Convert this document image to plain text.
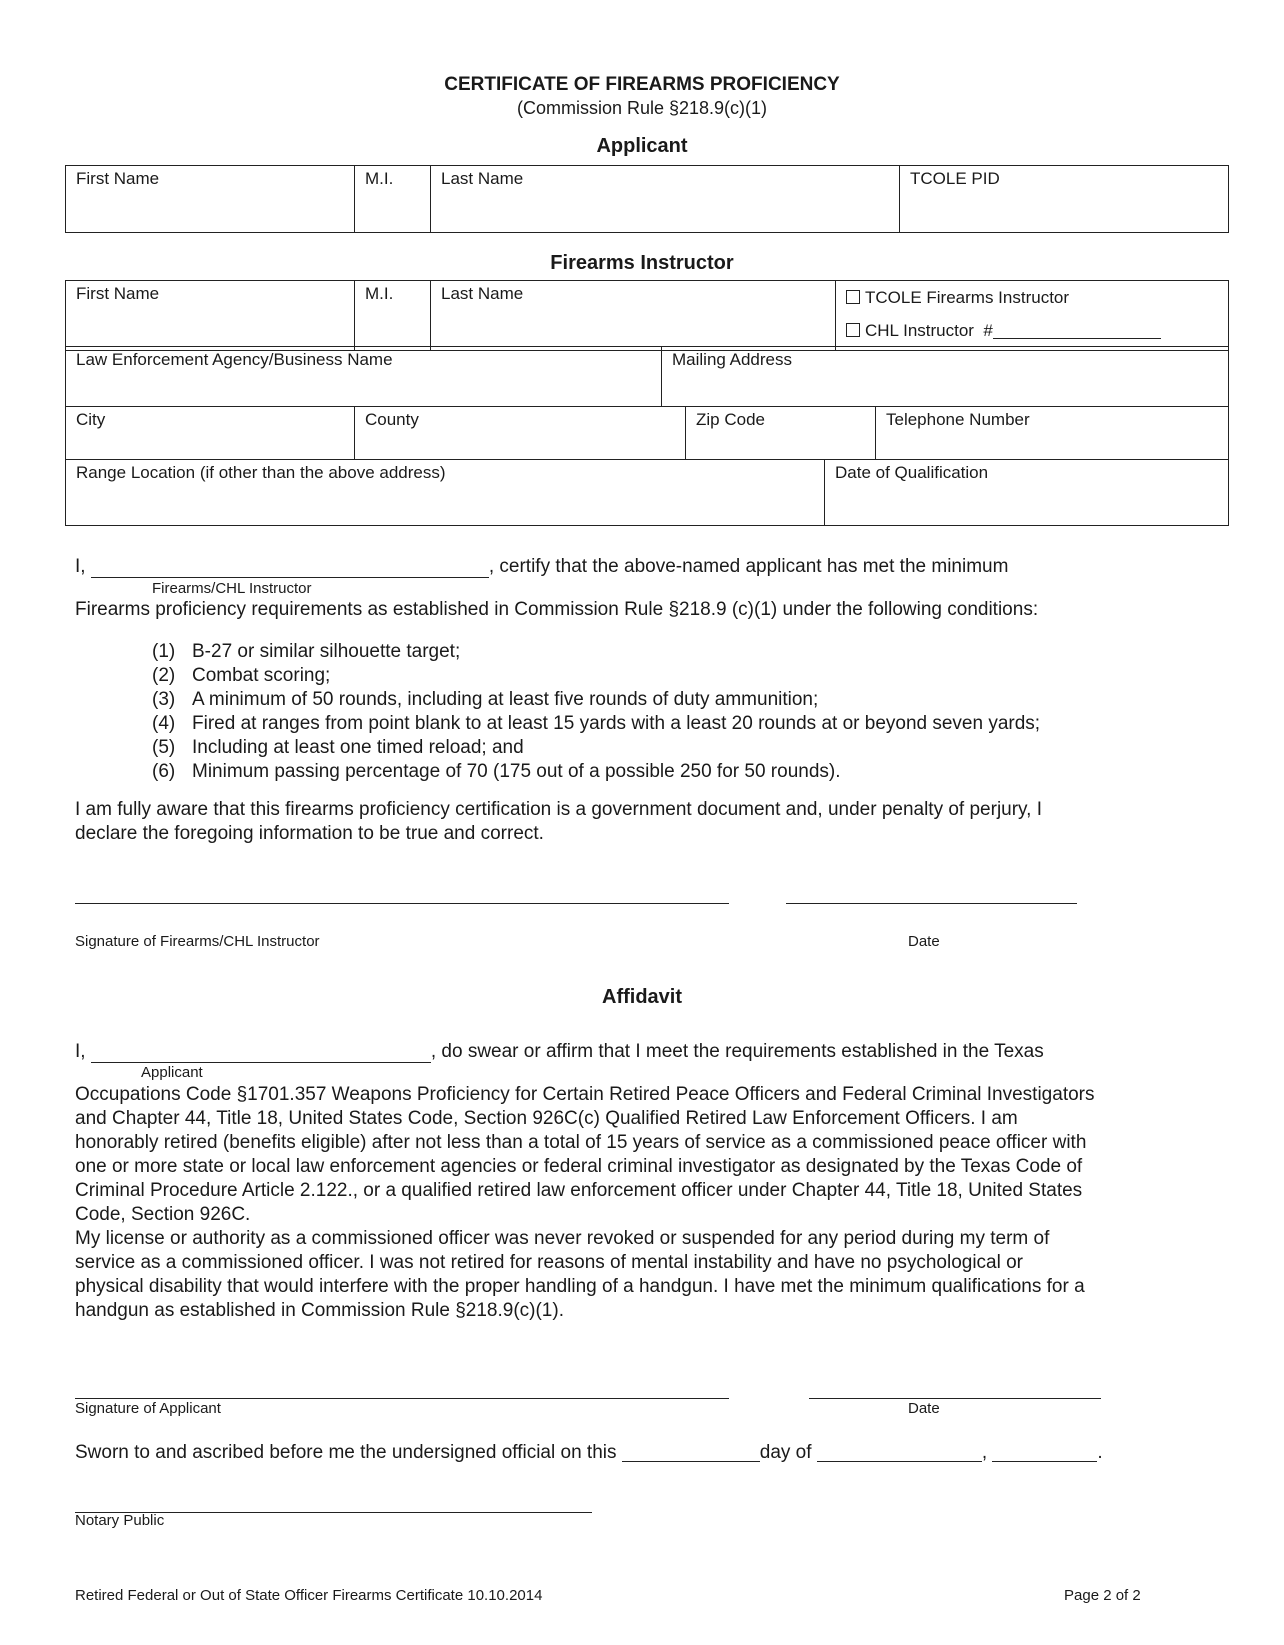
CERTIFICATE OF FIREARMS PROFICIENCY
(Commission Rule §218.9(c)(1)
Applicant
First Name	M.I.	Last Name	TCOLE PID
Firearms Instructor
First Name	M.I.	Last Name	TCOLE Firearms Instructor
CHL Instructor #
Law Enforcement Agency/Business Name	Mailing Address
City	County	Zip Code	Telephone Number
Range Location (if other than the above address)	Date of Qualification
I,	, certify that the above-named applicant has met the minimum
Firearms/CHL Instructor
Firearms proficiency requirements as established in Commission Rule §218.9 (c)(1) under the following conditions:
(1) B-27 or similar silhouette target;
(2) Combat scoring;
(3) A minimum of 50 rounds, including at least five rounds of duty ammunition;
(4) Fired at ranges from point blank to at least 15 yards with a least 20 rounds at or beyond seven yards;
(5) Including at least one timed reload; and
(6) Minimum passing percentage of 70 (175 out of a possible 250 for 50 rounds).
I am fully aware that this firearms proficiency certification is a government document and, under penalty of perjury, I
declare the foregoing information to be true and correct.
Signature of Firearms/CHL Instructor	Date
Affidavit
I,	, do swear or affirm that I meet the requirements established in the Texas
Applicant
Occupations Code §1701.357 Weapons Proficiency for Certain Retired Peace Officers and Federal Criminal Investigators
and Chapter 44, Title 18, United States Code, Section 926C(c) Qualified Retired Law Enforcement Officers. I am
honorably retired (benefits eligible) after not less than a total of 15 years of service as a commissioned peace officer with
one or more state or local law enforcement agencies or federal criminal investigator as designated by the Texas Code of
Criminal Procedure Article 2.122., or a qualified retired law enforcement officer under Chapter 44, Title 18, United States
Code, Section 926C.
My license or authority as a commissioned officer was never revoked or suspended for any period during my term of
service as a commissioned officer. I was not retired for reasons of mental instability and have no psychological or
physical disability that would interfere with the proper handling of a handgun. I have met the minimum qualifications for a
handgun as established in Commission Rule §218.9(c)(1).
Signature of Applicant	Date
Sworn to and ascribed before me the undersigned official on this	day of	,	.
Notary Public
Retired Federal or Out of State Officer Firearms Certificate 10.10.2014	Page 2 of 2
